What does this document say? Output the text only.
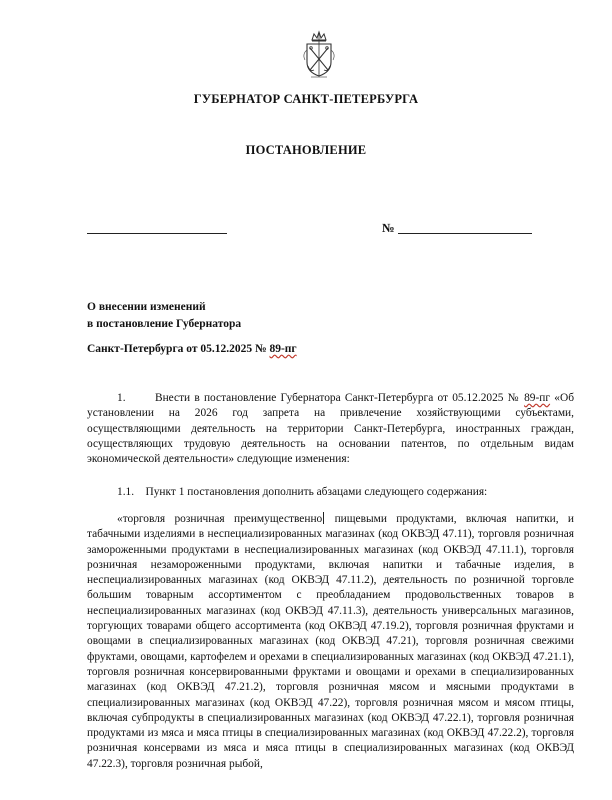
ГУБЕРНАТОР САНКТ-ПЕТЕРБУРГА
ПОСТАНОВЛЕНИЕ
№
О внесении изменений
в постановление Губернатора
Санкт-Петербурга от 05.12.2025 № 89-пг

1.       Внести в постановление Губернатора Санкт-Петербурга от 05.12.2025 № 89-пг «Об установлении на 2026 год запрета на привлечение хозяйствующими субъектами, осуществляющими деятельность на территории Санкт-Петербурга, иностранных граждан, осуществляющих трудовую деятельность на основании патентов, по отдельным видам экономической деятельности» следующие изменения:

1.1.    Пункт 1 постановления дополнить абзацами следующего содержания:

«торговля розничная преимущественно пищевыми продуктами, включая напитки, и табачными изделиями в неспециализированных магазинах (код ОКВЭД 47.11), торговля розничная замороженными продуктами в неспециализированных магазинах (код ОКВЭД 47.11.1), торговля розничная незамороженными продуктами, включая напитки и табачные изделия, в неспециализированных магазинах (код ОКВЭД 47.11.2), деятельность по розничной торговле большим товарным ассортиментом с преобладанием продовольственных товаров в неспециализированных магазинах (код ОКВЭД 47.11.3), деятельность универсальных магазинов, торгующих товарами общего ассортимента (код ОКВЭД 47.19.2), торговля розничная фруктами и овощами в специализированных магазинах (код ОКВЭД 47.21), торговля розничная свежими фруктами, овощами, картофелем и орехами в специализированных магазинах (код ОКВЭД 47.21.1), торговля розничная консервированными фруктами и овощами и орехами в специализированных магазинах (код ОКВЭД 47.21.2), торговля розничная мясом и мясными продуктами в специализированных магазинах (код ОКВЭД 47.22), торговля розничная мясом и мясом птицы, включая субпродукты в специализированных магазинах (код ОКВЭД 47.22.1), торговля розничная продуктами из мяса и мяса птицы в специализированных магазинах (код ОКВЭД 47.22.2), торговля розничная консервами из мяса и мяса птицы в специализированных магазинах (код ОКВЭД 47.22.3), торговля розничная рыбой,
